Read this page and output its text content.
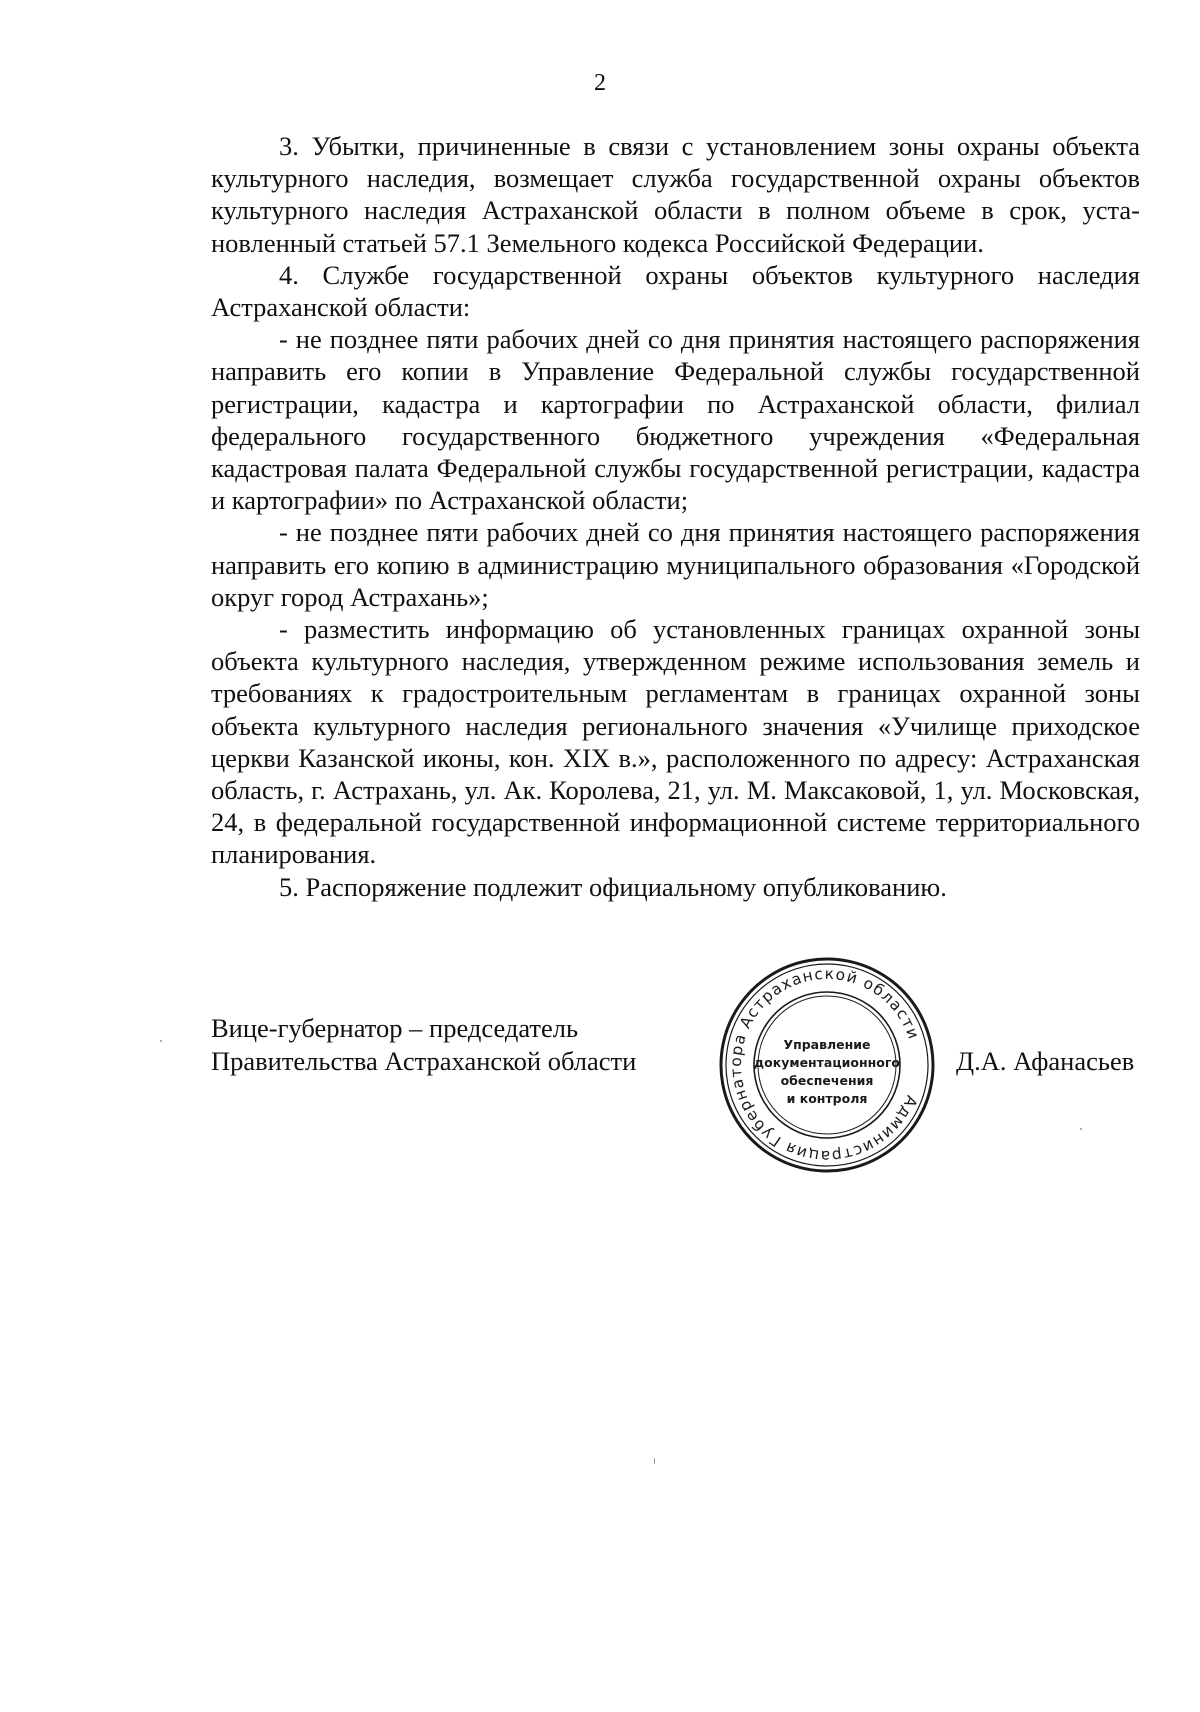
2

3. Убытки, причиненные в связи с установлением зоны охраны объекта культурного наследия, возмещает служба государственной охраны объектов культурного наследия Астраханской области в полном объеме в срок, установленный статьей 57.1 Земельного кодекса Российской Федерации.

4. Службе государственной охраны объектов культурного наследия Астраханской области:

- не позднее пяти рабочих дней со дня принятия настоящего распоряжения направить его копии в Управление Федеральной службы государственной регистрации, кадастра и картографии по Астраханской области, филиал федерального государственного бюджетного учреждения «Федеральная кадастровая палата Федеральной службы государственной регистрации, кадастра и картографии» по Астраханской области;

- не позднее пяти рабочих дней со дня принятия настоящего распоряжения направить его копию в администрацию муниципального образования «Городской округ город Астрахань»;

- разместить информацию об установленных границах охранной зоны объекта культурного наследия, утвержденном режиме использования земель и требованиях к градостроительным регламентам в границах охранной зоны объекта культурного наследия регионального значения «Училище приходское церкви Казанской иконы, кон. XIX в.», расположенного по адресу: Астраханская область, г. Астрахань, ул. Ак. Королева, 21, ул. М. Максаковой, 1, ул. Московская, 24, в федеральной государственной информационной системе территориального планирования.

5. Распоряжение подлежит официальному опубликованию.

Вице-губернатор – председатель
Правительства Астраханской области
Администрация Губернатора Астраханской области
Управление
документационного
обеспечения
и контроля
Д.А. Афанасьев
